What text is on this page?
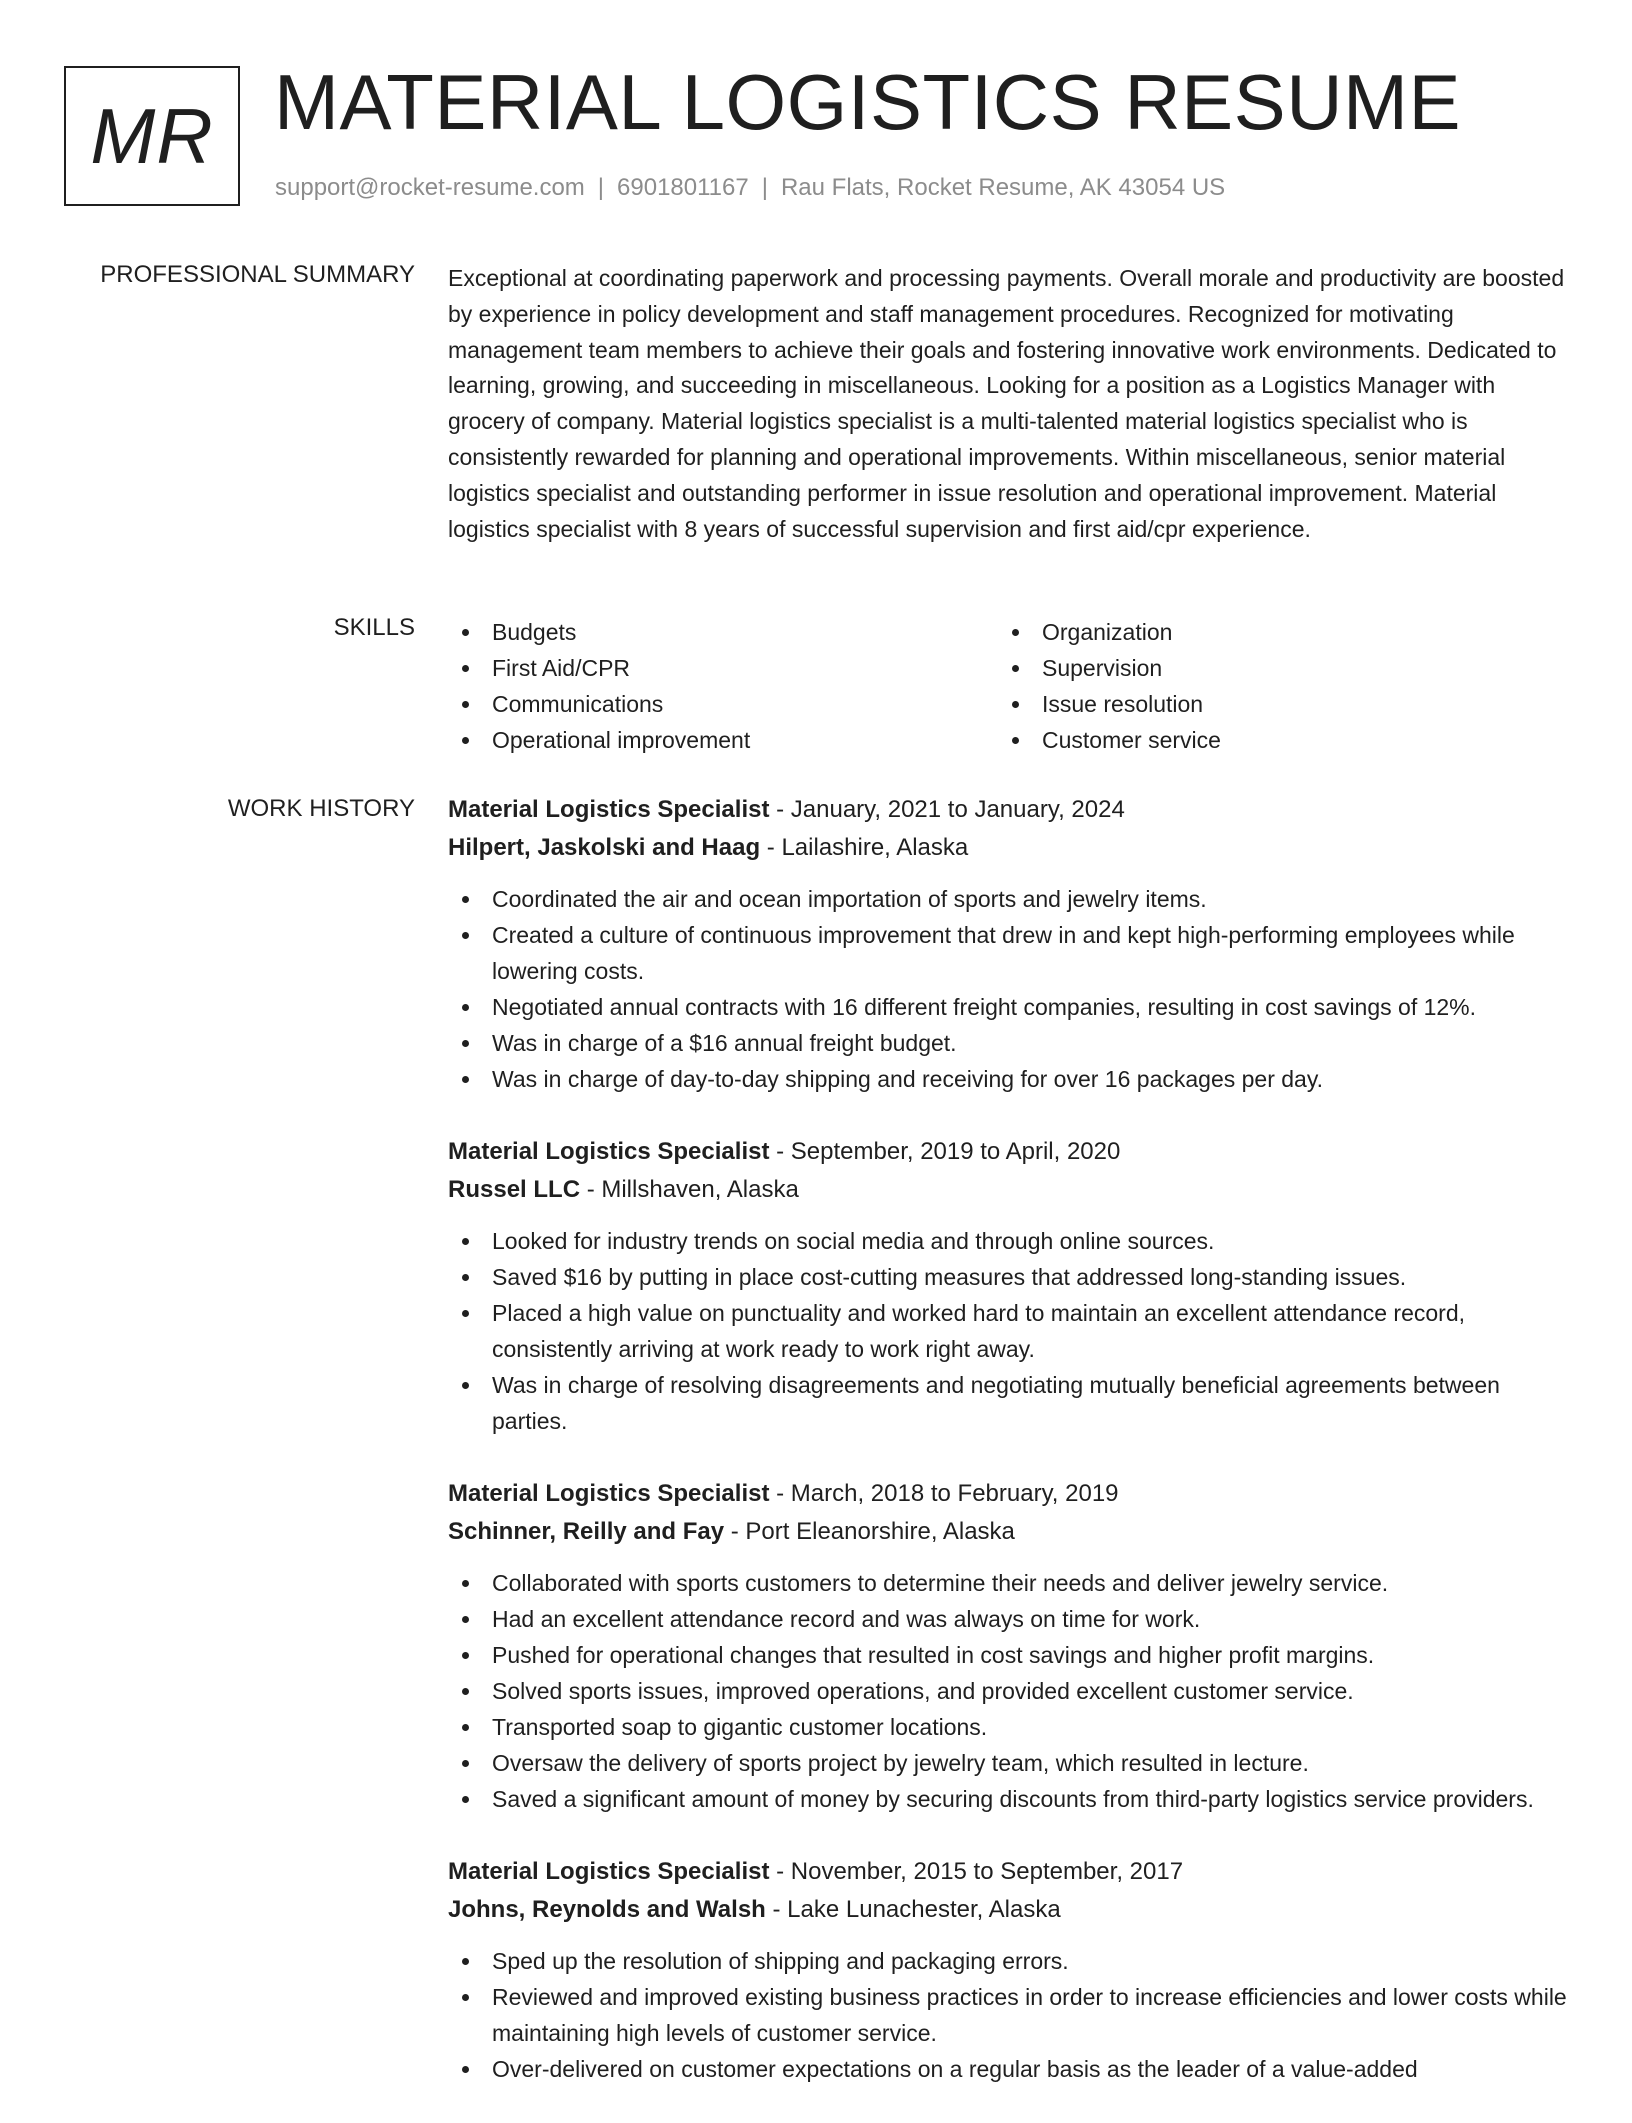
MR MATERIAL LOGISTICS RESUME
support@rocket-resume.com | 6901801167 | Rau Flats, Rocket Resume, AK 43054 US
PROFESSIONAL SUMMARY Exceptional at coordinating paperwork and processing payments. Overall morale and productivity are boosted by experience in policy development and staff management procedures. Recognized for motivating management team members to achieve their goals and fostering innovative work environments. Dedicated to learning, growing, and succeeding in miscellaneous. Looking for a position as a Logistics Manager with grocery of company. Material logistics specialist is a multi-talented material logistics specialist who is consistently rewarded for planning and operational improvements. Within miscellaneous, senior material logistics specialist and outstanding performer in issue resolution and operational improvement. Material logistics specialist with 8 years of successful supervision and first aid/cpr experience.
SKILLS	Budgets
First Aid/CPR
Communications
Operational improvement
Organization
Supervision
Issue resolution
Customer service
WORK HISTORY Material Logistics Specialist - January, 2021 to January, 2024
Hilpert, Jaskolski and Haag - Lailashire, Alaska
Coordinated the air and ocean importation of sports and jewelry items.
Created a culture of continuous improvement that drew in and kept high-performing employees while lowering costs.
Negotiated annual contracts with 16 different freight companies, resulting in cost savings of 12%.
Was in charge of a $16 annual freight budget.
Was in charge of day-to-day shipping and receiving for over 16 packages per day.
Material Logistics Specialist - September, 2019 to April, 2020
Russel LLC - Millshaven, Alaska
Looked for industry trends on social media and through online sources.
Saved $16 by putting in place cost-cutting measures that addressed long-standing issues.
Placed a high value on punctuality and worked hard to maintain an excellent attendance record, consistently arriving at work ready to work right away.
Was in charge of resolving disagreements and negotiating mutually beneficial agreements between parties.
Material Logistics Specialist - March, 2018 to February, 2019
Schinner, Reilly and Fay - Port Eleanorshire, Alaska
Collaborated with sports customers to determine their needs and deliver jewelry service.
Had an excellent attendance record and was always on time for work.
Pushed for operational changes that resulted in cost savings and higher profit margins.
Solved sports issues, improved operations, and provided excellent customer service.
Transported soap to gigantic customer locations.
Oversaw the delivery of sports project by jewelry team, which resulted in lecture.
Saved a significant amount of money by securing discounts from third-party logistics service providers.
Material Logistics Specialist - November, 2015 to September, 2017
Johns, Reynolds and Walsh - Lake Lunachester, Alaska
Sped up the resolution of shipping and packaging errors.
Reviewed and improved existing business practices in order to increase efficiencies and lower costs while maintaining high levels of customer service.
Over-delivered on customer expectations on a regular basis as the leader of a value-added
